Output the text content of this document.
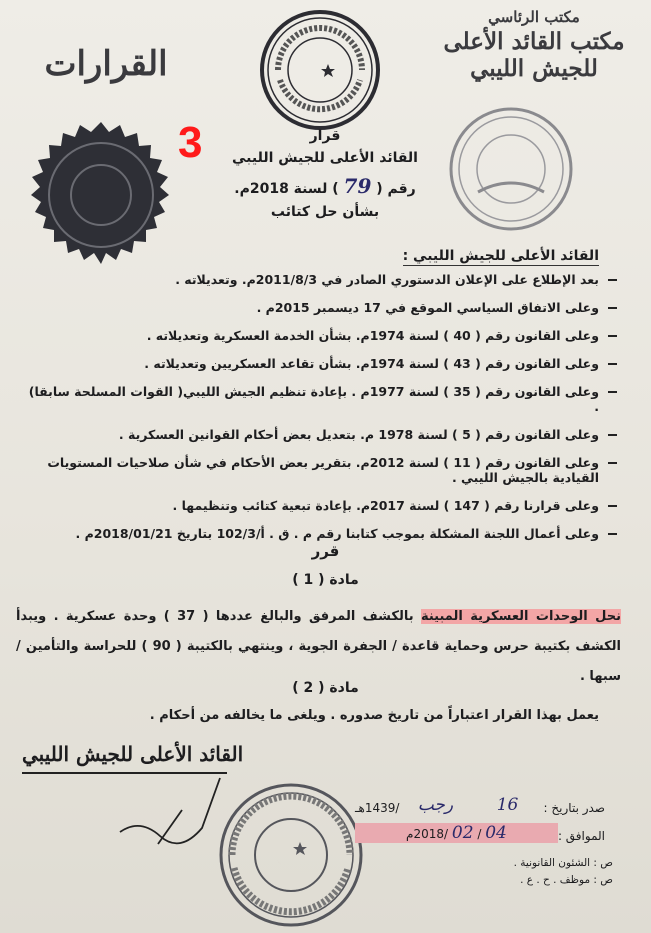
مكتب الرئاسي
مكتب القائد الأعلى
للجيش الليبي
القرارات
3	قرار
القائد الأعلى للجيش الليبي
رقم ( 79 ) لسنة 2018م.
بشأن حل كتائب
القائد الأعلى للجيش الليبي :
بعد الإطلاع على الإعلان الدستوري الصادر في 2011/8/3م. وتعديلاته .
وعلى الاتفاق السياسي الموقع في 17 ديسمبر 2015م .
وعلى القانون رقم ( 40 ) لسنة 1974م. بشأن الخدمة العسكرية وتعديلاته .
وعلى القانون رقم ( 43 ) لسنة 1974م. بشأن تقاعد العسكريين وتعديلاته .
وعلى القانون رقم ( 35 ) لسنة 1977م . بإعادة تنظيم الجيش الليبي( القوات المسلحة سابقا) .
وعلى القانون رقم ( 5 ) لسنة 1978 م. بتعديل بعض أحكام القوانين العسكرية .
وعلى القانون رقم ( 11 ) لسنة 2012م. بتقرير بعض الأحكام في شأن صلاحيات المستويات القيادية بالجيش الليبي .
وعلى قرارنا رقم ( 147 ) لسنة 2017م. بإعادة تبعية كتائب وتنظيمها .
وعلى أعمال اللجنة المشكلة بموجب كتابنا رقم م . ق . أ/102/3 بتاريخ 2018/01/21م .
قرر
مادة ( 1 )
نحل الوحدات العسكرية المبينة بالكشف المرفق والبالغ عددها ( 37 ) وحدة عسكرية . ويبدأ الكشف بكتيبة حرس وحماية قاعدة / الجفرة الجوية ، وينتهي بالكتيبة ( 90 ) للحراسة والتأمين / سبها .
مادة ( 2 )
يعمل بهذا القرار اعتباراً من تاريخ صدوره . ويلغى ما يخالفه من أحكام .
القائد الأعلى للجيش الليبي
صدر بتاريخ :
16
رجب
/1439هـ
الموافق :
04 / 02 /2018م
ص : الشئون القانونية .
ص : موظف . ح . ع .
